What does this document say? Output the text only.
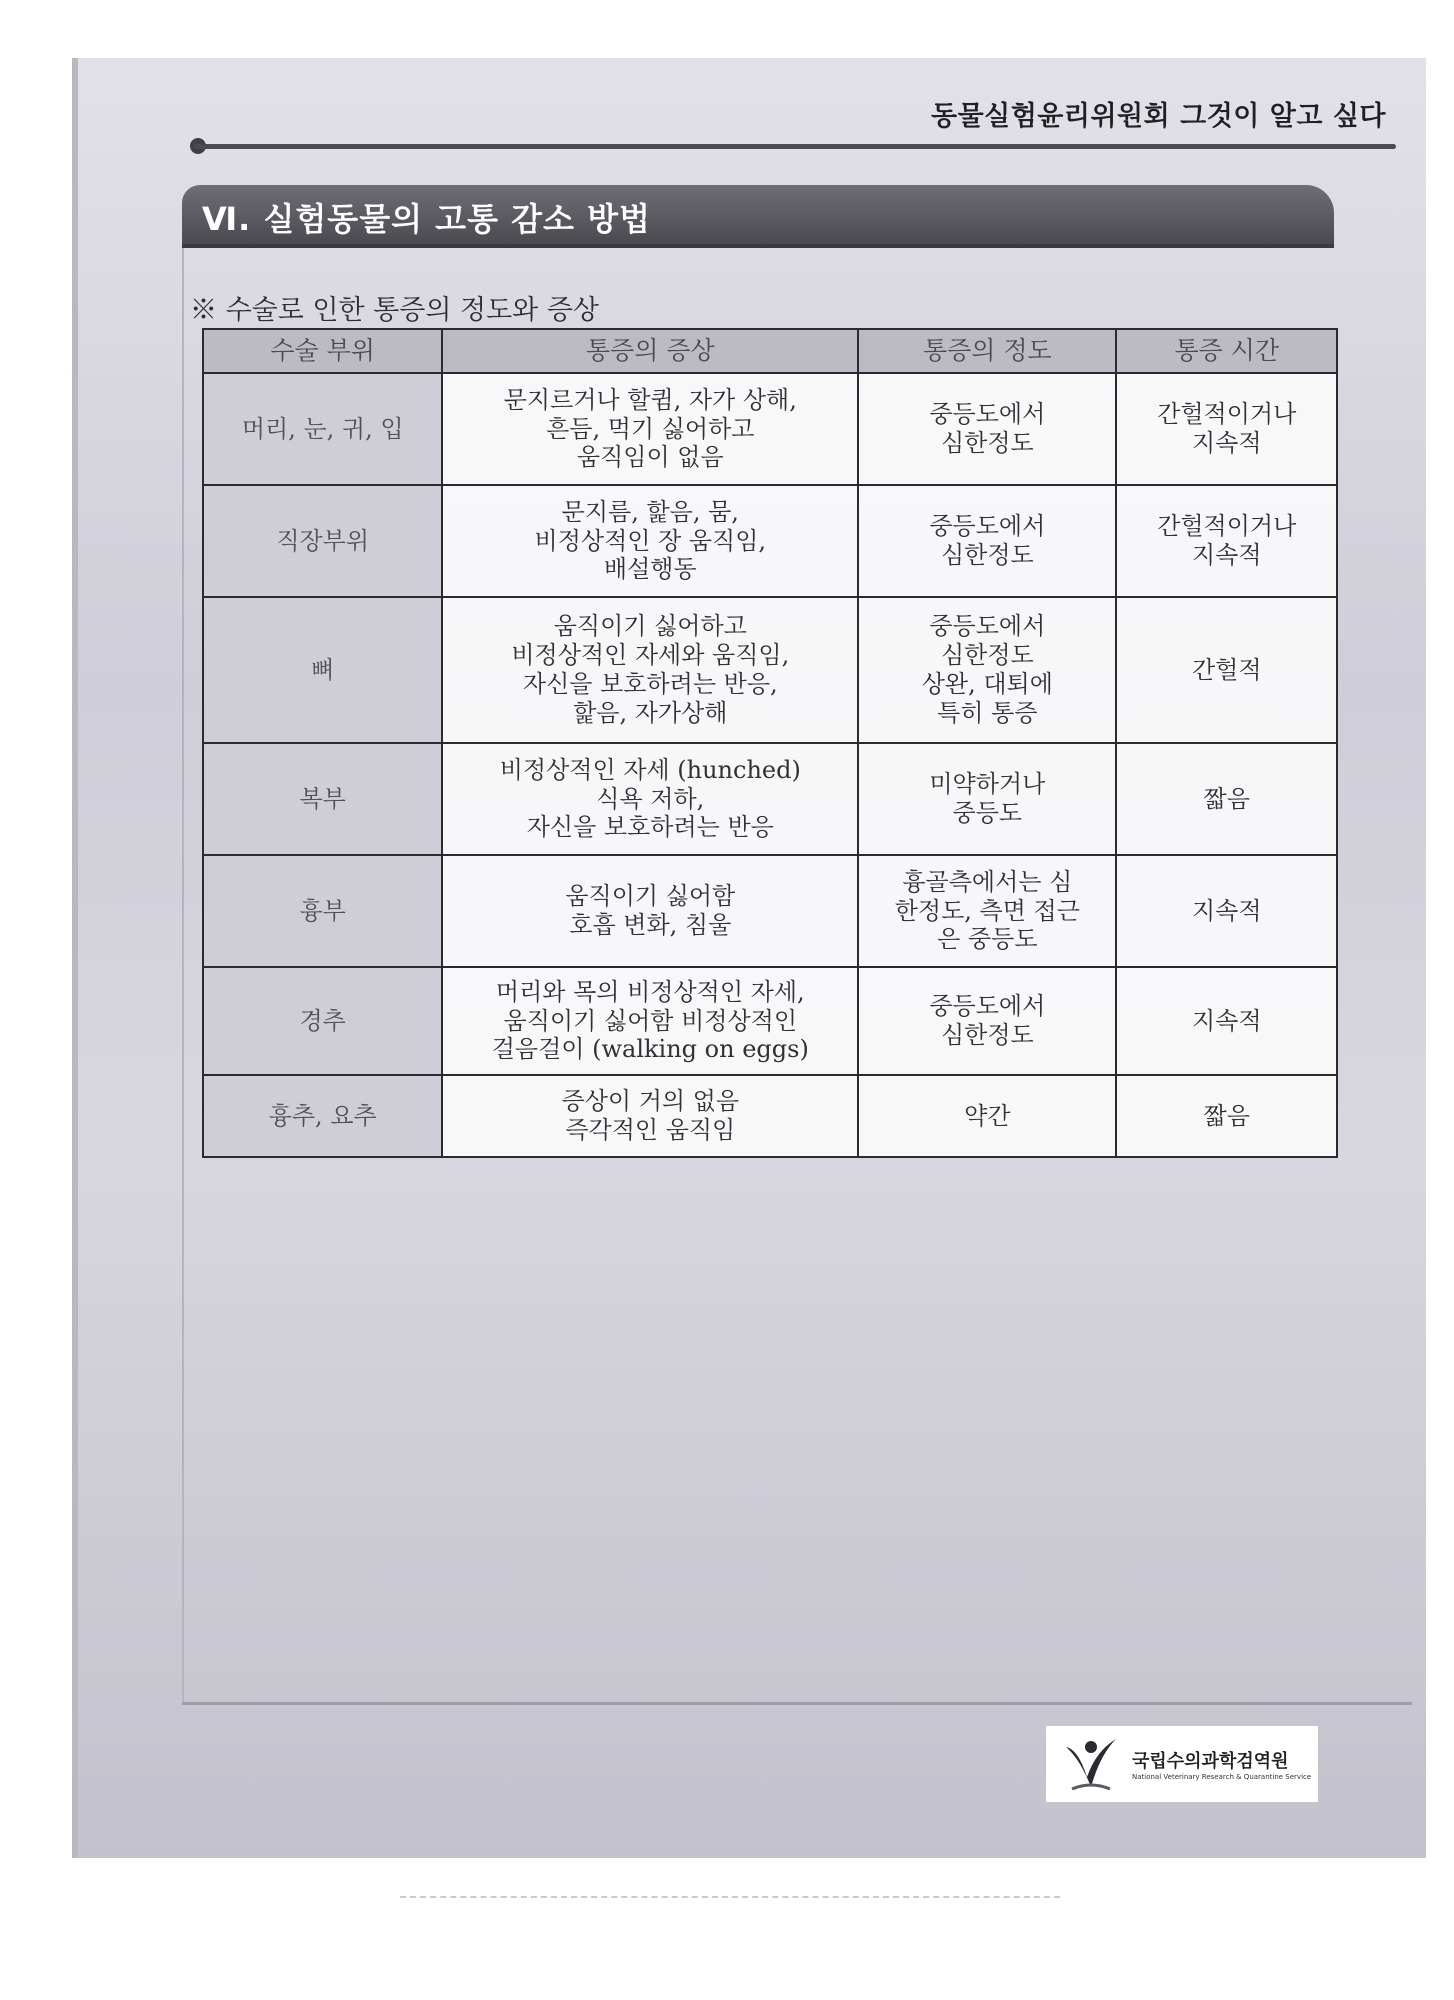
동물실험윤리위원회 그것이 알고 싶다
Ⅵ. 실험동물의 고통 감소 방법
※ 수술로 인한 통증의 정도와 증상
수술 부위	통증의 증상	통증의 정도	통증 시간

머리, 눈, 귀, 입	문지르거나 할큄, 자가 상해,
흔듬, 먹기 싫어하고
움직임이 없음	중등도에서
심한정도	간헐적이거나
지속적

직장부위	문지름, 핥음, 뭄,
비정상적인 장 움직임,
배설행동	중등도에서
심한정도	간헐적이거나
지속적

뼈	움직이기 싫어하고
비정상적인 자세와 움직임,
자신을 보호하려는 반응,
핥음, 자가상해	중등도에서
심한정도
상완, 대퇴에
특히 통증	간헐적

복부	비정상적인 자세 (hunched)
식욕 저하,
자신을 보호하려는 반응	미약하거나
중등도	짧음

흉부	움직이기 싫어함
호흡 변화, 침울	흉골측에서는 심
한정도, 측면 접근
은 중등도	지속적

경추	머리와 목의 비정상적인 자세,
움직이기 싫어함 비정상적인
걸음걸이 (walking on eggs)	중등도에서
심한정도	지속적

흉추, 요추	증상이 거의 없음
즉각적인 움직임	약간	짧음
국립수의과학검역원
National Veterinary Research & Quarantine Service
